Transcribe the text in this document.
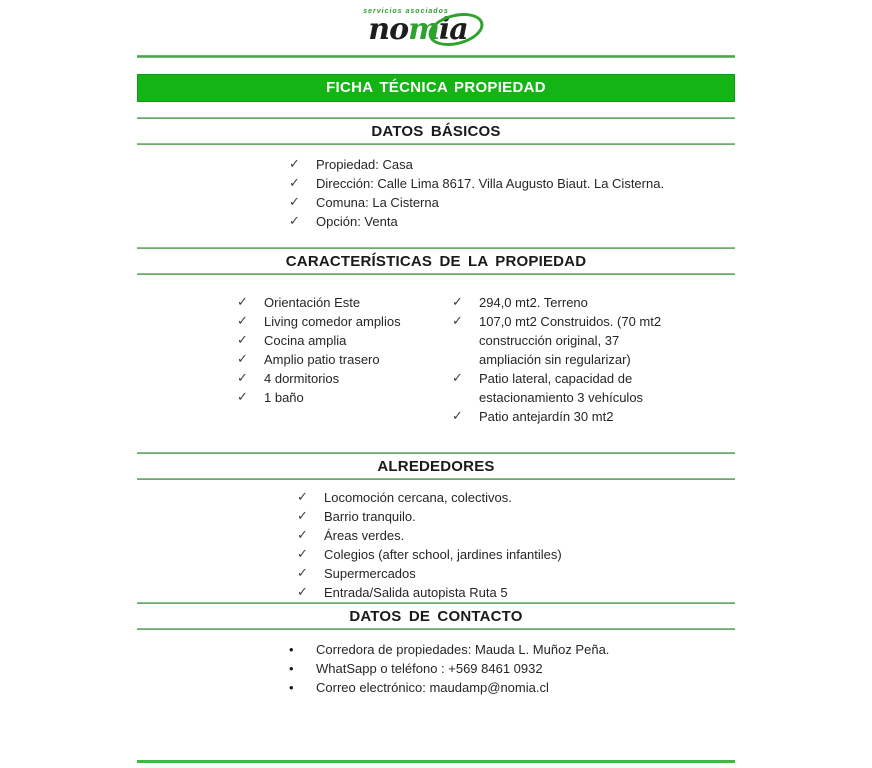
servicios asociados
nomia
FICHA TÉCNICA PROPIEDAD
DATOS BÁSICOS
✓ Propiedad: Casa
✓ Dirección: Calle Lima 8617. Villa Augusto Biaut. La Cisterna.
✓ Comuna: La Cisterna
✓ Opción: Venta
CARACTERÍSTICAS DE LA PROPIEDAD
✓ Orientación Este
✓ Living comedor amplios
✓ Cocina amplia
✓ Amplio patio trasero
✓ 4 dormitorios
✓ 1 baño
✓ 294,0 mt2. Terreno
✓ 107,0 mt2 Construidos. (70 mt2 construcción original, 37 ampliación sin regularizar)
✓ Patio lateral, capacidad de estacionamiento 3 vehículos
✓ Patio antejardín 30 mt2
ALREDEDORES
✓ Locomoción cercana, colectivos.
✓ Barrio tranquilo.
✓ Áreas verdes.
✓ Colegios (after school, jardines infantiles)
✓ Supermercados
✓ Entrada/Salida autopista Ruta 5
DATOS DE CONTACTO
•	Corredora de propiedades: Mauda L. Muñoz Peña.
•	WhatSapp o teléfono : +569 8461 0932
•	Correo electrónico: maudamp@nomia.cl
